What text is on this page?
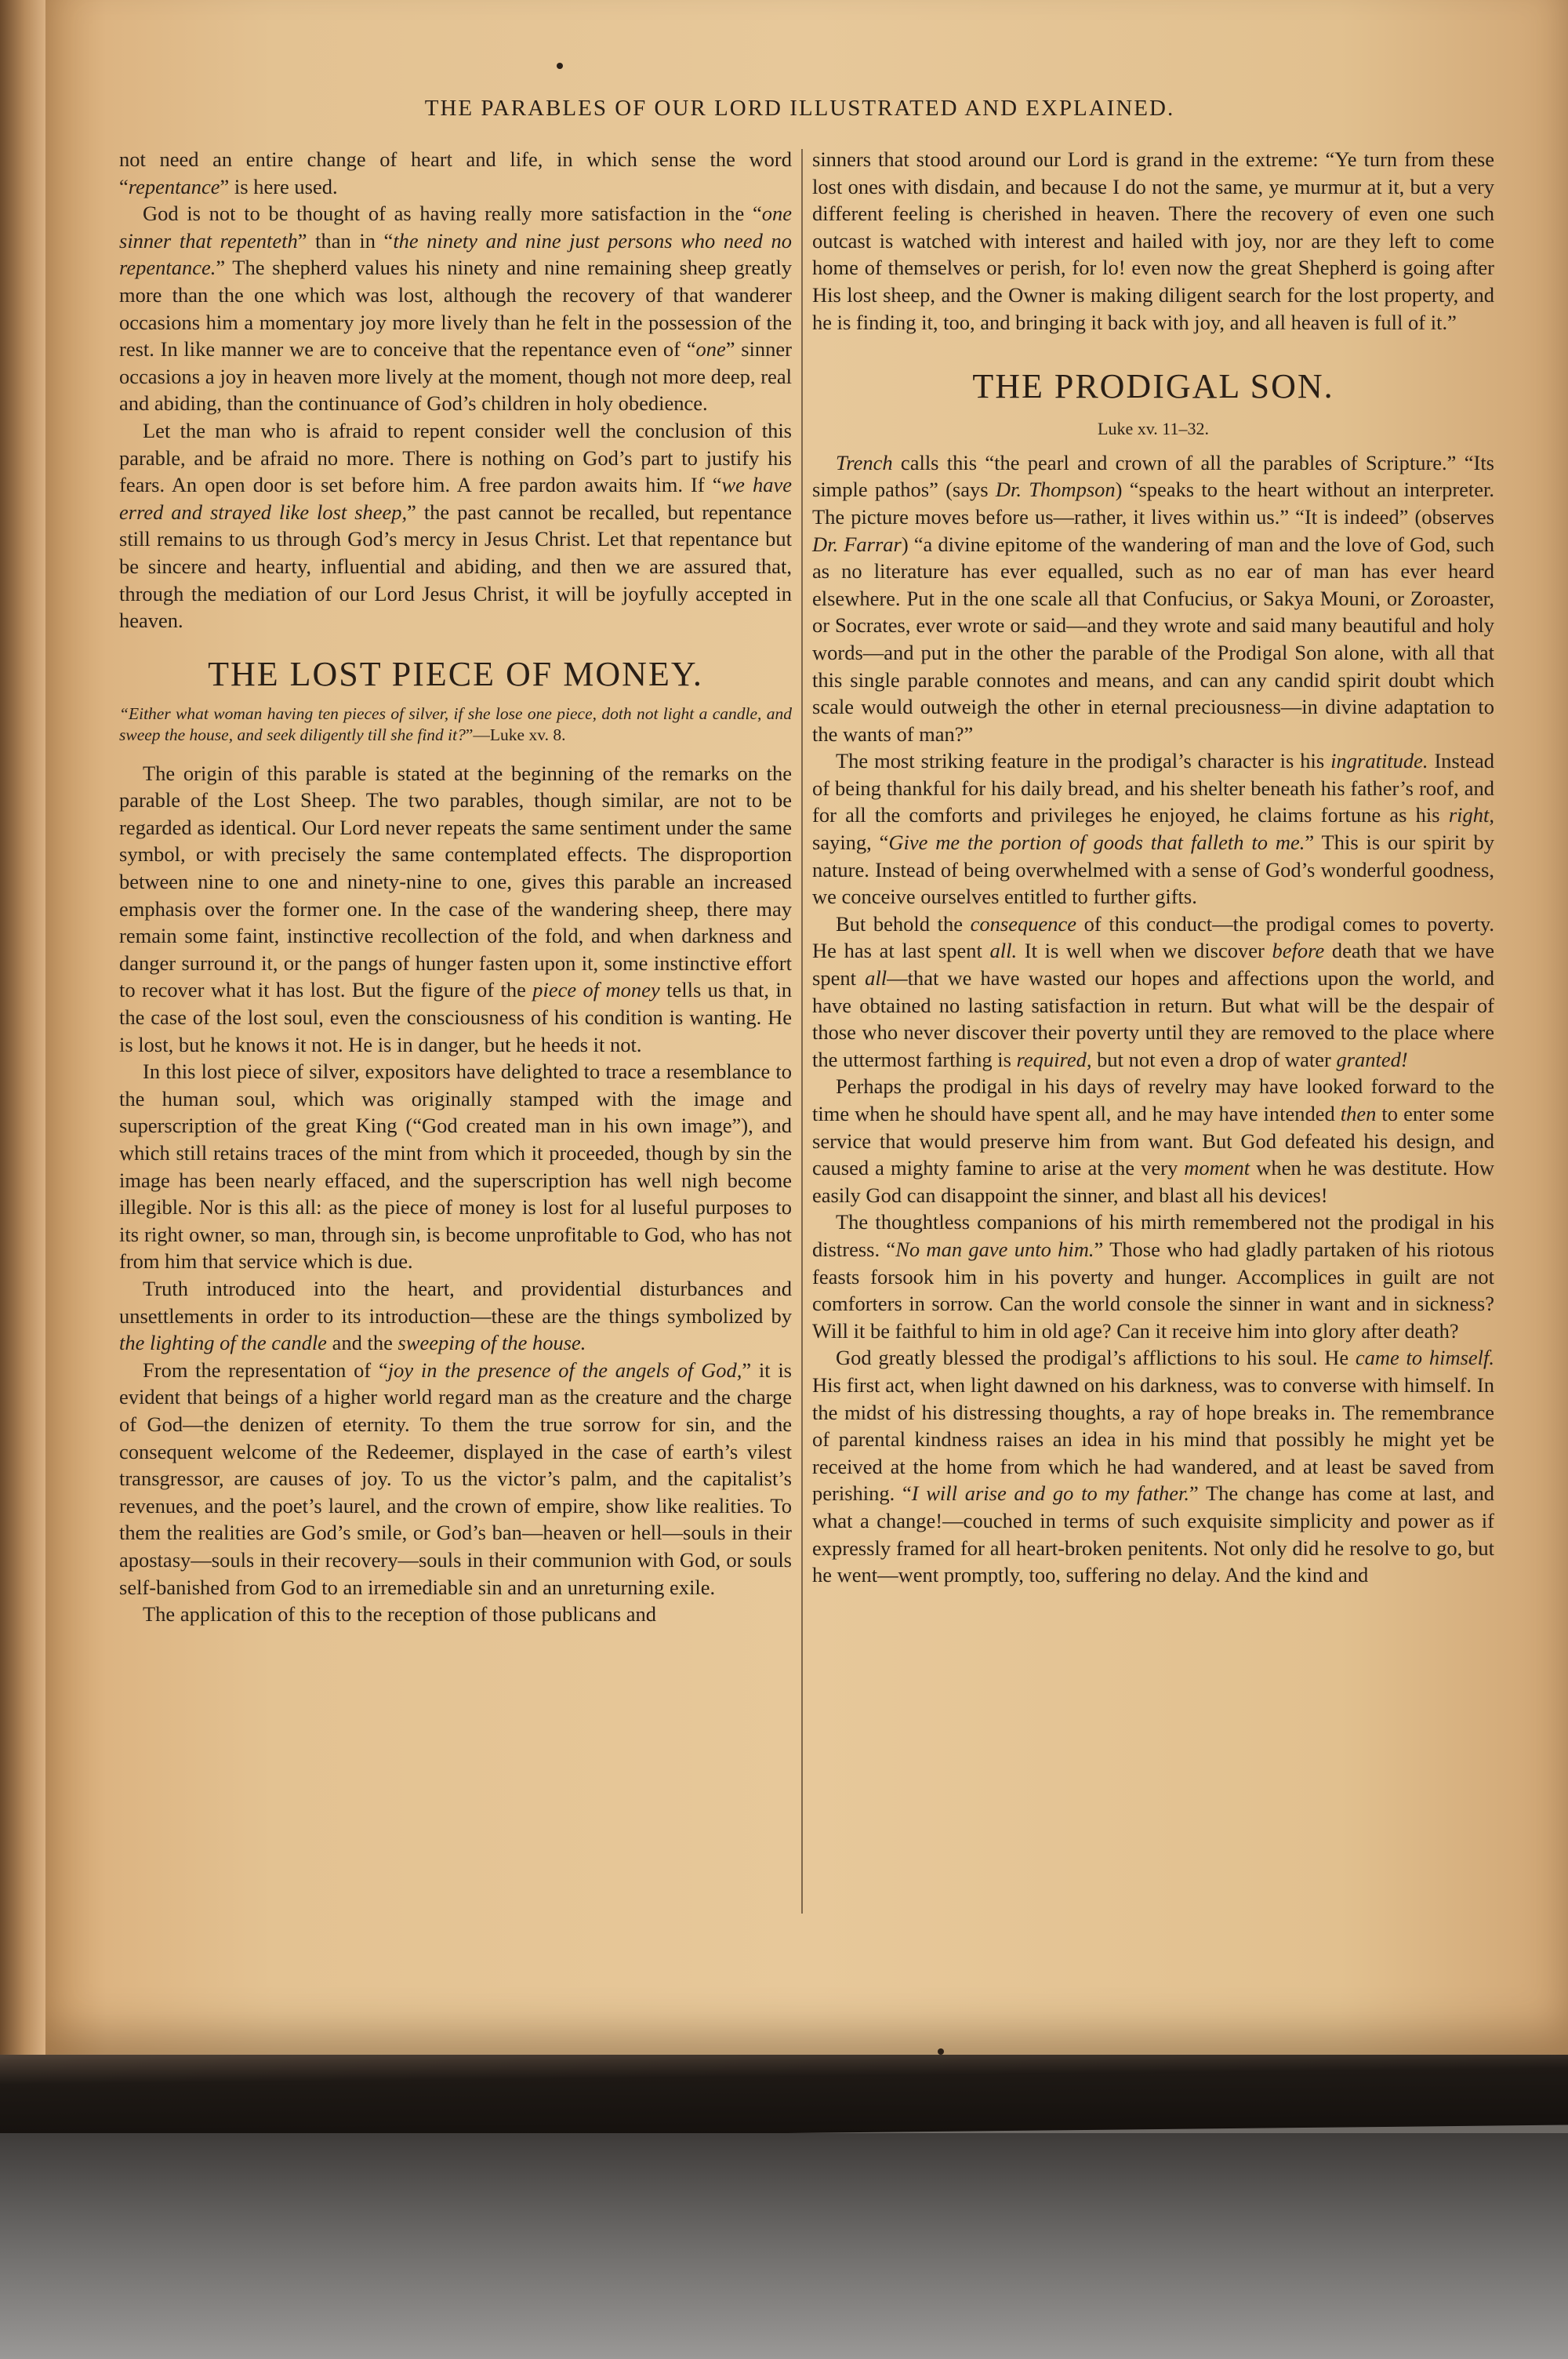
THE PARABLES OF OUR LORD ILLUSTRATED AND EXPLAINED.

not need an entire change of heart and life, in which sense the word “repentance” is here used.

God is not to be thought of as having really more satisfaction in the “one sinner that repenteth” than in “the ninety and nine just persons who need no repentance.” The shepherd values his ninety and nine remaining sheep greatly more than the one which was lost, although the recovery of that wanderer occasions him a momentary joy more lively than he felt in the possession of the rest. In like manner we are to conceive that the repentance even of “one” sinner occasions a joy in heaven more lively at the moment, though not more deep, real and abiding, than the continuance of God’s children in holy obedience.

Let the man who is afraid to repent consider well the conclusion of this parable, and be afraid no more. There is nothing on God’s part to justify his fears. An open door is set before him. A free pardon awaits him. If “we have erred and strayed like lost sheep,” the past cannot be recalled, but repentance still remains to us through God’s mercy in Jesus Christ. Let that repentance but be sincere and hearty, influential and abiding, and then we are assured that, through the mediation of our Lord Jesus Christ, it will be joyfully accepted in heaven.

THE LOST PIECE OF MONEY.
“Either what woman having ten pieces of silver, if she lose one piece, doth not light a candle, and sweep the house, and seek diligently till she find it?”—Luke xv. 8.

The origin of this parable is stated at the beginning of the remarks on the parable of the Lost Sheep. The two parables, though similar, are not to be regarded as identical. Our Lord never repeats the same sentiment under the same symbol, or with precisely the same contemplated effects. The disproportion between nine to one and ninety-nine to one, gives this parable an increased emphasis over the former one. In the case of the wandering sheep, there may remain some faint, instinctive recollection of the fold, and when darkness and danger surround it, or the pangs of hunger fasten upon it, some instinctive effort to recover what it has lost. But the figure of the piece of money tells us that, in the case of the lost soul, even the consciousness of his condition is wanting. He is lost, but he knows it not. He is in danger, but he heeds it not.

In this lost piece of silver, expositors have delighted to trace a resemblance to the human soul, which was originally stamped with the image and superscription of the great King (“God created man in his own image”), and which still retains traces of the mint from which it proceeded, though by sin the image has been nearly effaced, and the superscription has well nigh become illegible. Nor is this all: as the piece of money is lost for al luseful purposes to its right owner, so man, through sin, is become unprofitable to God, who has not from him that service which is due.

Truth introduced into the heart, and providential disturbances and unsettlements in order to its introduction—these are the things symbolized by the lighting of the candle and the sweeping of the house.

From the representation of “joy in the presence of the angels of God,” it is evident that beings of a higher world regard man as the creature and the charge of God—the denizen of eternity. To them the true sorrow for sin, and the consequent welcome of the Redeemer, displayed in the case of earth’s vilest transgressor, are causes of joy. To us the victor’s palm, and the capitalist’s revenues, and the poet’s laurel, and the crown of empire, show like realities. To them the realities are God’s smile, or God’s ban—heaven or hell—souls in their apostasy—souls in their recovery—souls in their communion with God, or souls self-banished from God to an irremediable sin and an unreturning exile.

The application of this to the reception of those publicans and

sinners that stood around our Lord is grand in the extreme: “Ye turn from these lost ones with disdain, and because I do not the same, ye murmur at it, but a very different feeling is cherished in heaven. There the recovery of even one such outcast is watched with interest and hailed with joy, nor are they left to come home of themselves or perish, for lo! even now the great Shepherd is going after His lost sheep, and the Owner is making diligent search for the lost property, and he is finding it, too, and bringing it back with joy, and all heaven is full of it.”

THE PRODIGAL SON.
Luke xv. 11–32.

Trench calls this “the pearl and crown of all the parables of Scripture.” “Its simple pathos” (says Dr. Thompson) “speaks to the heart without an interpreter. The picture moves before us—rather, it lives within us.” “It is indeed” (observes Dr. Farrar) “a divine epitome of the wandering of man and the love of God, such as no literature has ever equalled, such as no ear of man has ever heard elsewhere. Put in the one scale all that Confucius, or Sakya Mouni, or Zoroaster, or Socrates, ever wrote or said—and they wrote and said many beautiful and holy words—and put in the other the parable of the Prodigal Son alone, with all that this single parable connotes and means, and can any candid spirit doubt which scale would outweigh the other in eternal preciousness—in divine adaptation to the wants of man?”

The most striking feature in the prodigal’s character is his ingratitude. Instead of being thankful for his daily bread, and his shelter beneath his father’s roof, and for all the comforts and privileges he enjoyed, he claims fortune as his right, saying, “Give me the portion of goods that falleth to me.” This is our spirit by nature. Instead of being overwhelmed with a sense of God’s wonderful goodness, we conceive ourselves entitled to further gifts.

But behold the consequence of this conduct—the prodigal comes to poverty. He has at last spent all. It is well when we discover before death that we have spent all—that we have wasted our hopes and affections upon the world, and have obtained no lasting satisfaction in return. But what will be the despair of those who never discover their poverty until they are removed to the place where the uttermost farthing is required, but not even a drop of water granted!

Perhaps the prodigal in his days of revelry may have looked forward to the time when he should have spent all, and he may have intended then to enter some service that would preserve him from want. But God defeated his design, and caused a mighty famine to arise at the very moment when he was destitute. How easily God can disappoint the sinner, and blast all his devices!

The thoughtless companions of his mirth remembered not the prodigal in his distress. “No man gave unto him.” Those who had gladly partaken of his riotous feasts forsook him in his poverty and hunger. Accomplices in guilt are not comforters in sorrow. Can the world console the sinner in want and in sickness? Will it be faithful to him in old age? Can it receive him into glory after death?

God greatly blessed the prodigal’s afflictions to his soul. He came to himself. His first act, when light dawned on his darkness, was to converse with himself. In the midst of his distressing thoughts, a ray of hope breaks in. The remembrance of parental kindness raises an idea in his mind that possibly he might yet be received at the home from which he had wandered, and at least be saved from perishing. “I will arise and go to my father.” The change has come at last, and what a change!—couched in terms of such exquisite simplicity and power as if expressly framed for all heart-broken penitents. Not only did he resolve to go, but he went—went promptly, too, suffering no delay. And the kind and
